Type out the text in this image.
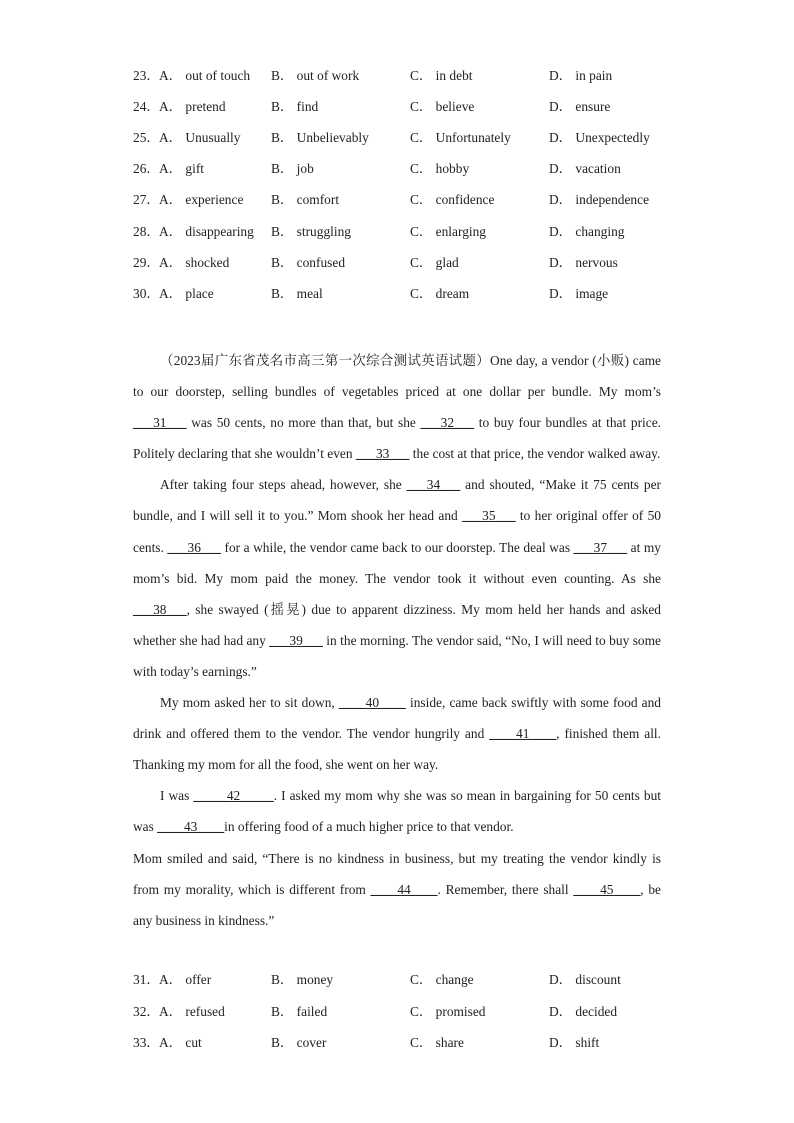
23． A． out of touch B． out of work	C． in debt	D． in pain
24． A． pretend	B． find	C． believe	D． ensure
25． A． Unusually B． Unbelievably	C． Unfortunately	D． Unexpectedly
26． A． gift	B． job	C． hobby	D． vacation
27． A． experience B． comfort	C． confidence	D． independence
28． A． disappearing B． struggling	C． enlarging	D． changing
29． A． shocked	B． confused	C． glad	D． nervous
30． A． place	B． meal	C． dream	D． image

（2023届广东省茂名市高三第一次综合测试英语试题）One day, a vendor (小贩) came to our doorstep, selling bundles of vegetables priced at one dollar per bundle. My mom’s ___31___ was 50 cents, no more than that, but she ___32___ to buy four bundles at that price. Politely declaring that she wouldn’t even ___33___ the cost at that price, the vendor walked away.

After taking four steps ahead, however, she ___34___ and shouted, “Make it 75 cents per bundle, and I will sell it to you.” Mom shook her head and ___35___ to her original offer of 50 cents. ___36___ for a while, the vendor came back to our doorstep. The deal was ___37___ at my mom’s bid. My mom paid the money. The vendor took it without even counting. As she ___38___, she swayed (摇晃) due to apparent dizziness. My mom held her hands and asked whether she had had any ___39___ in the morning. The vendor said, “No, I will need to buy some with today’s earnings.”

My mom asked her to sit down, ____40____ inside, came back swiftly with some food and drink and offered them to the vendor. The vendor hungrily and ____41____, finished them all. Thanking my mom for all the food, she went on her way.

I was _____42_____. I asked my mom why she was so mean in bargaining for 50 cents but was ____43____in offering food of a much higher price to that vendor.

Mom smiled and said, “There is no kindness in business, but my treating the vendor kindly is from my morality, which is different from ____44____. Remember, there shall ____45____, be any business in kindness.”

31． A． offer	B． money	C． change	D． discount
32． A． refused	B． failed	C． promised	D． decided
33． A． cut	B． cover	C． share	D． shift
